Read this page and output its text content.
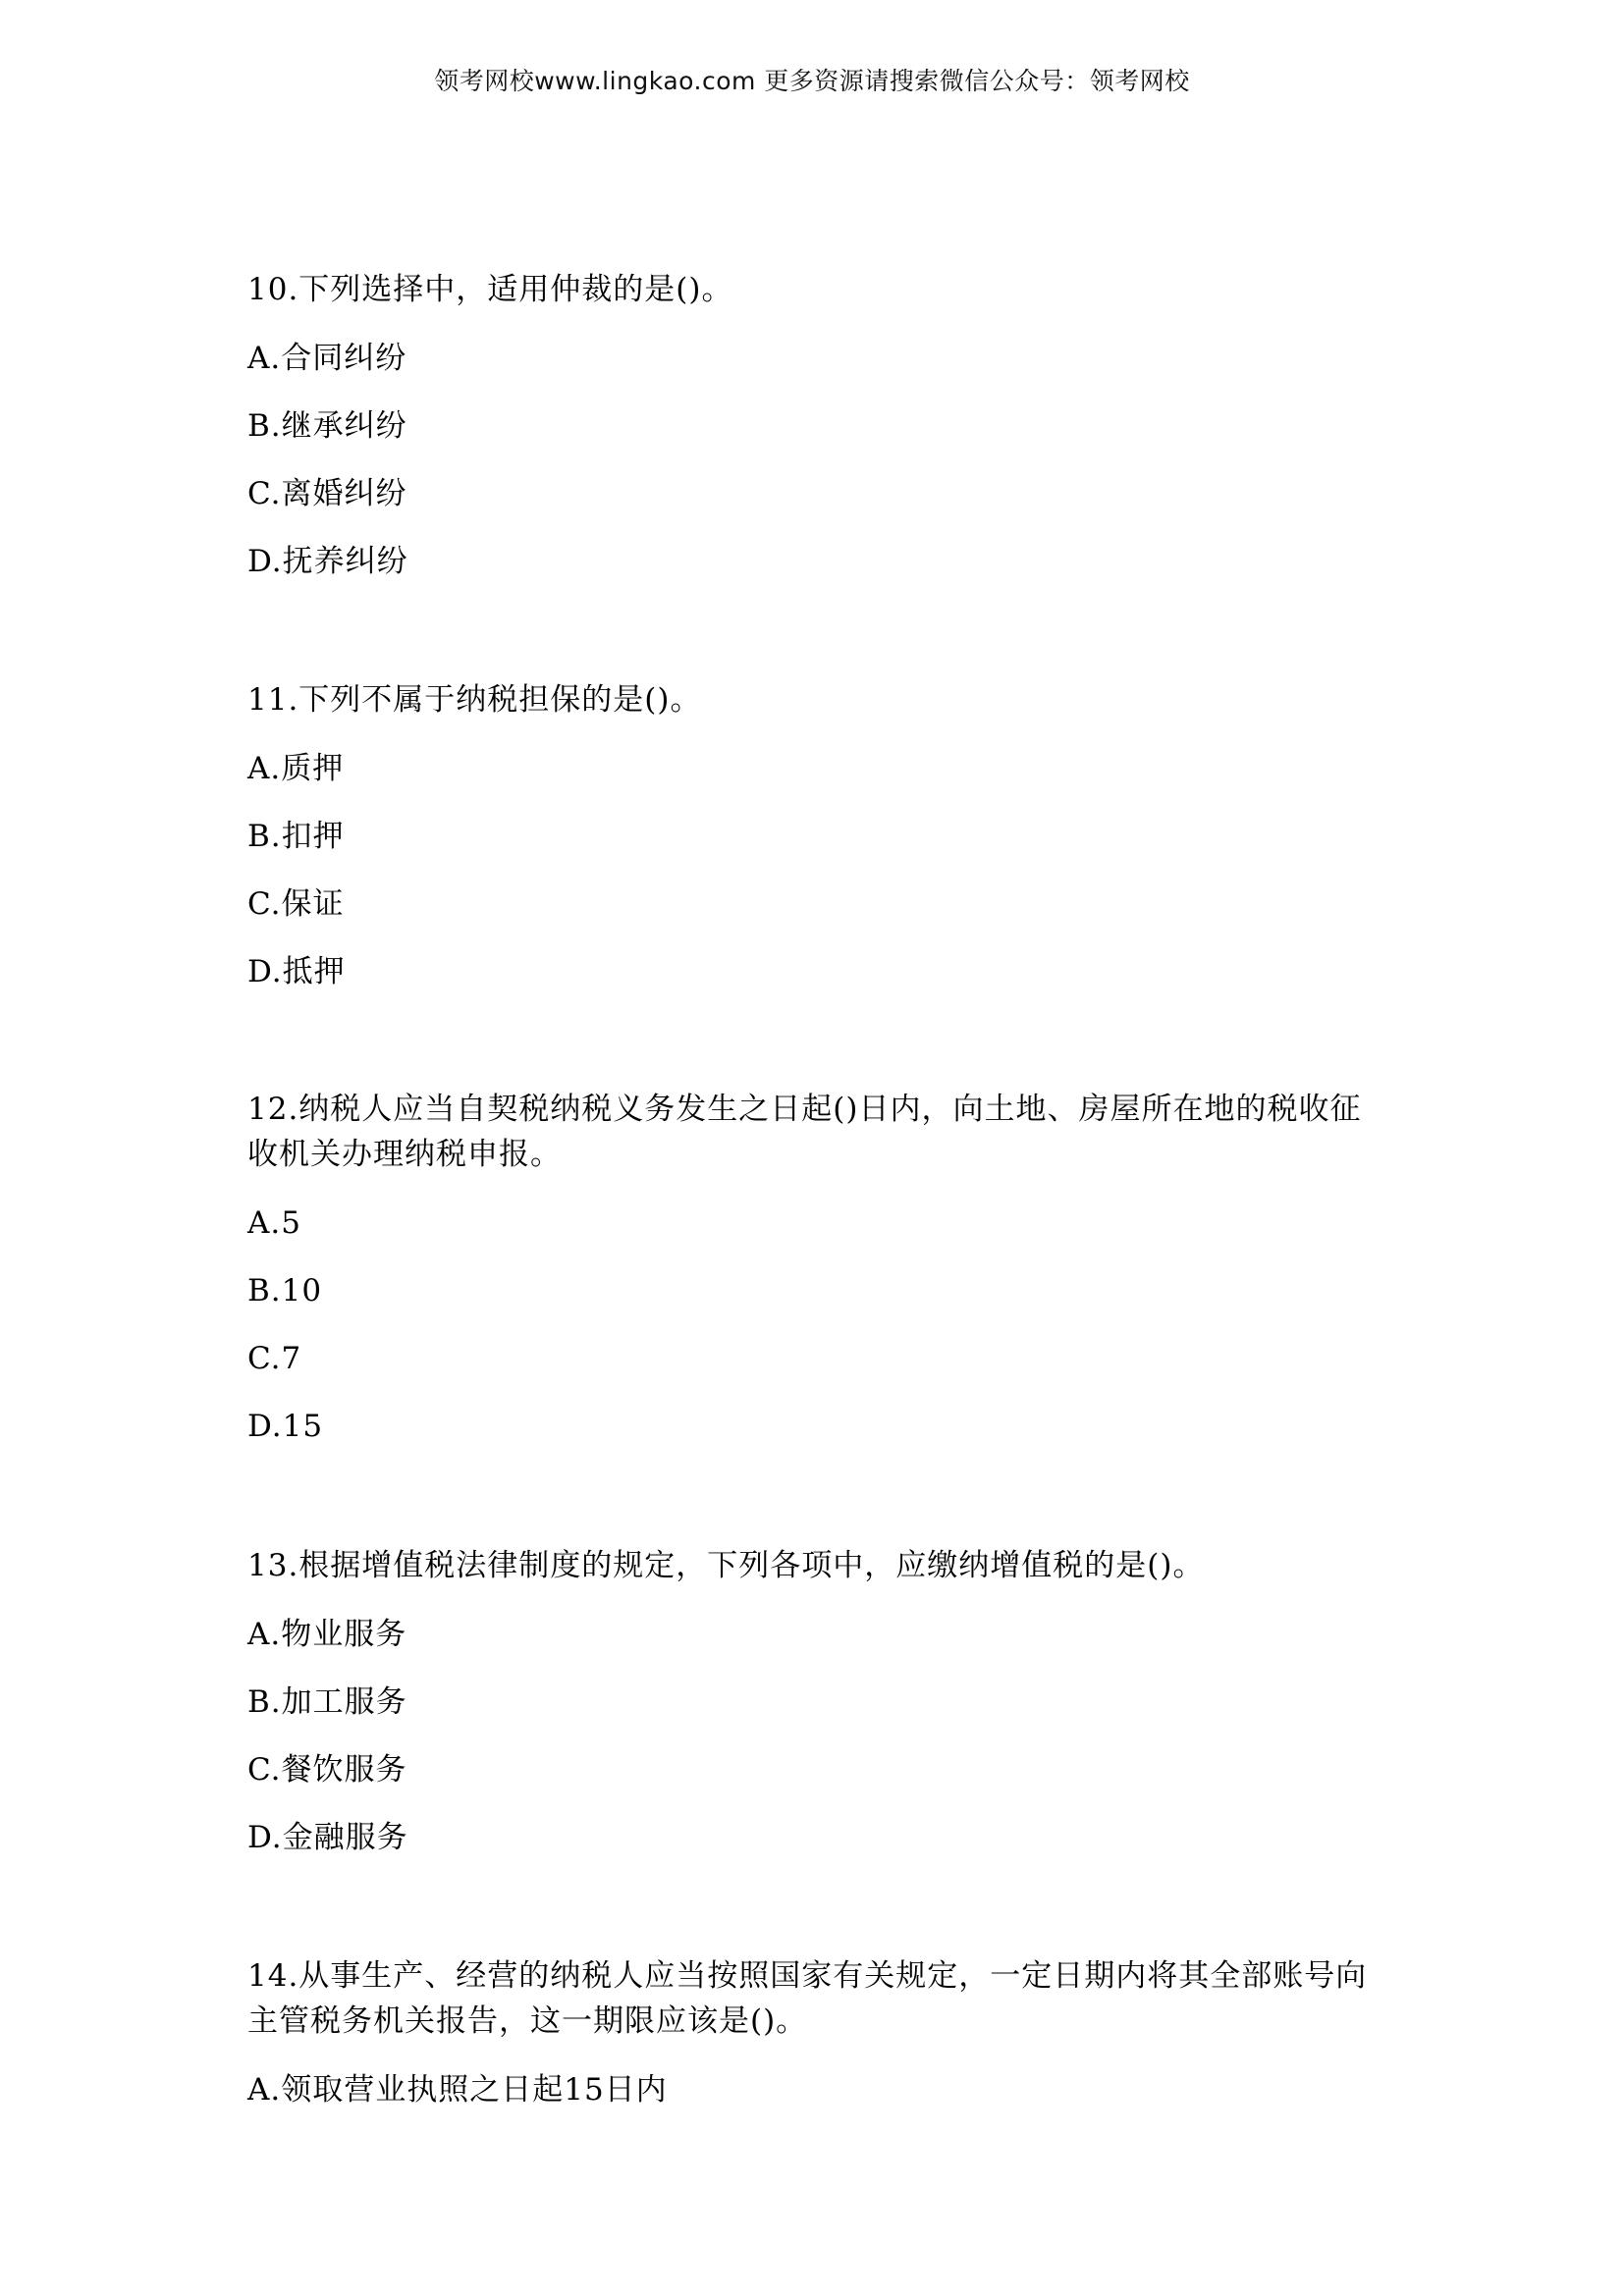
领考网校www.lingkao.com 更多资源请搜索微信公众号：领考网校

10.下列选择中，适用仲裁的是()。

A.合同纠纷
B.继承纠纷
C.离婚纠纷
D.抚养纠纷

11.下列不属于纳税担保的是()。

A.质押
B.扣押
C.保证
D.抵押

12.纳税人应当自契税纳税义务发生之日起()日内，向土地、房屋所在地的税收征收机关办理纳税申报。

A.5
B.10
C.7
D.15

13.根据增值税法律制度的规定，下列各项中，应缴纳增值税的是()。

A.物业服务
B.加工服务
C.餐饮服务
D.金融服务

14.从事生产、经营的纳税人应当按照国家有关规定，一定日期内将其全部账号向主管税务机关报告，这一期限应该是()。

A.领取营业执照之日起15日内
